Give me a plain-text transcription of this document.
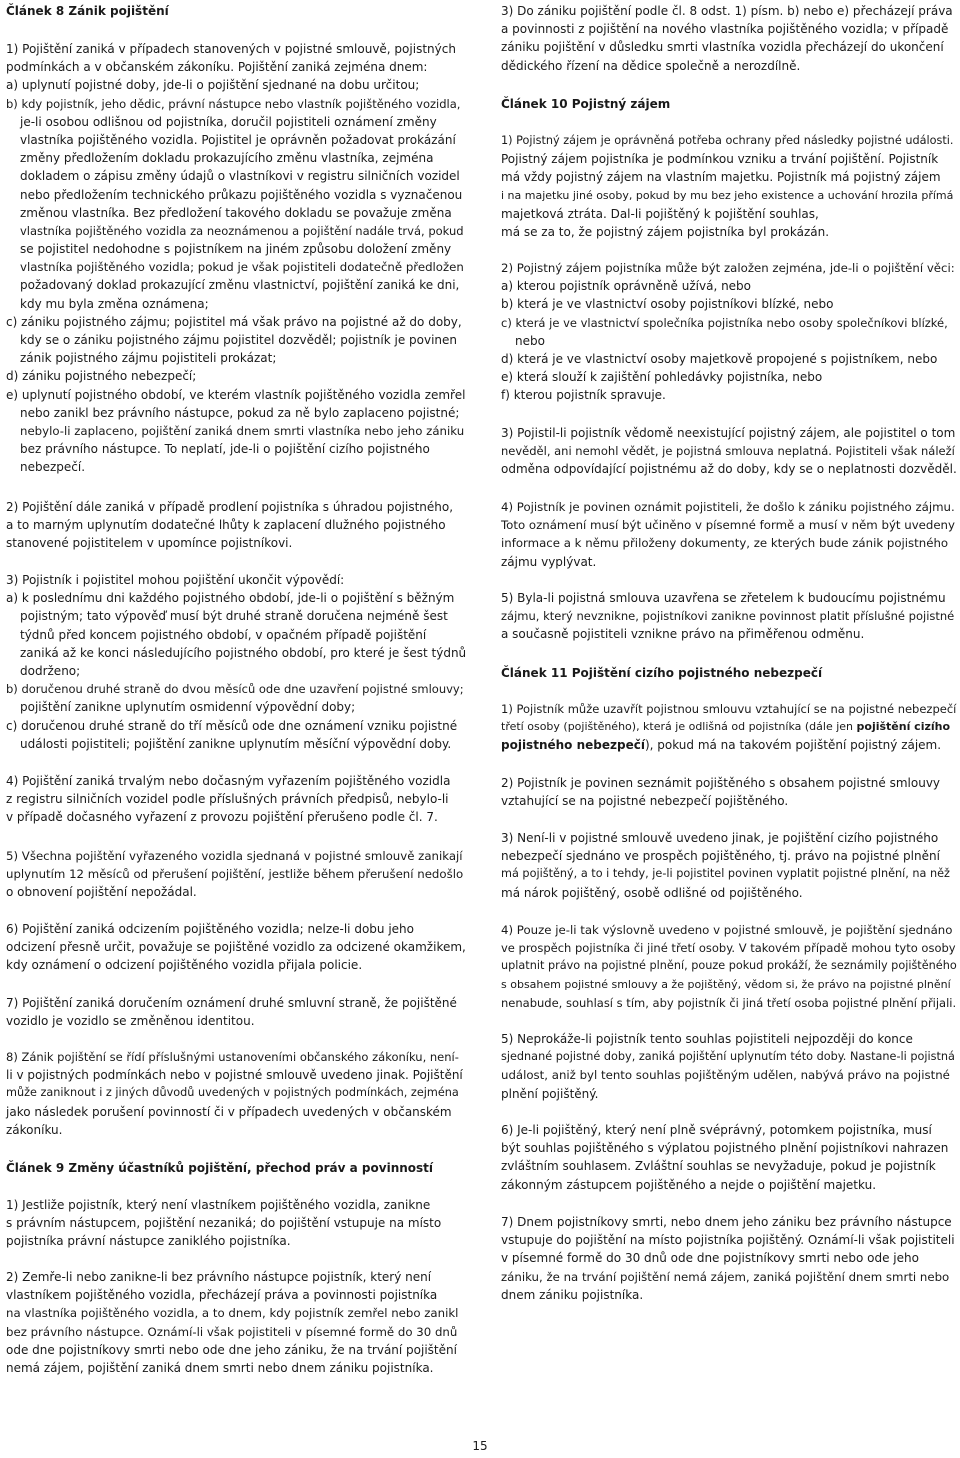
Článek 8 Zánik pojištění

1) Pojištění zaniká v případech stanovených v pojistné smlouvě, pojistných
podmínkách a v občanském zákoníku. Pojištění zaniká zejména dnem:
a) uplynutí pojistné doby, jde-li o pojištění sjednané na dobu určitou;
b) kdy pojistník, jeho dědic, právní nástupce nebo vlastník pojištěného vozidla,
je-li osobou odlišnou od pojistníka, doručil pojistiteli oznámení změny
vlastníka pojištěného vozidla. Pojistitel je oprávněn požadovat prokázání
změny předložením dokladu prokazujícího změnu vlastníka, zejména
dokladem o zápisu změny údajů o vlastníkovi v registru silničních vozidel
nebo předložením technického průkazu pojištěného vozidla s vyznačenou
změnou vlastníka. Bez předložení takového dokladu se považuje změna
vlastníka pojištěného vozidla za neoznámenou a pojištění nadále trvá, pokud
se pojistitel nedohodne s pojistníkem na jiném způsobu doložení změny
vlastníka pojištěného vozidla; pokud je však pojistiteli dodatečně předložen
požadovaný doklad prokazující změnu vlastnictví, pojištění zaniká ke dni,
kdy mu byla změna oznámena;
c) zániku pojistného zájmu; pojistitel má však právo na pojistné až do doby,
kdy se o zániku pojistného zájmu pojistitel dozvěděl; pojistník je povinen
zánik pojistného zájmu pojistiteli prokázat;
d) zániku pojistného nebezpečí;
e) uplynutí pojistného období, ve kterém vlastník pojištěného vozidla zemřel
nebo zanikl bez právního nástupce, pokud za ně bylo zaplaceno pojistné;
nebylo-li zaplaceno, pojištění zaniká dnem smrti vlastníka nebo jeho zániku
bez právního nástupce. To neplatí, jde-li o pojištění cizího pojistného
nebezpečí.

2) Pojištění dále zaniká v případě prodlení pojistníka s úhradou pojistného,
a to marným uplynutím dodatečné lhůty k zaplacení dlužného pojistného
stanovené pojistitelem v upomínce pojistníkovi.

3) Pojistník i pojistitel mohou pojištění ukončit výpovědí:
a) k poslednímu dni každého pojistného období, jde-li o pojištění s běžným
pojistným; tato výpověď musí být druhé straně doručena nejméně šest
týdnů před koncem pojistného období, v opačném případě pojištění
zaniká až ke konci následujícího pojistného období, pro které je šest týdnů
dodrženo;
b) doručenou druhé straně do dvou měsíců ode dne uzavření pojistné smlouvy;
pojištění zanikne uplynutím osmidenní výpovědní doby;
c) doručenou druhé straně do tří měsíců ode dne oznámení vzniku pojistné
události pojistiteli; pojištění zanikne uplynutím měsíční výpovědní doby.

4) Pojištění zaniká trvalým nebo dočasným vyřazením pojištěného vozidla
z registru silničních vozidel podle příslušných právních předpisů, nebylo-li
v případě dočasného vyřazení z provozu pojištění přerušeno podle čl. 7.

5) Všechna pojištění vyřazeného vozidla sjednaná v pojistné smlouvě zanikají
uplynutím 12 měsíců od přerušení pojištění, jestliže během přerušení nedošlo
o obnovení pojištění nepožádal.

6) Pojištění zaniká odcizením pojištěného vozidla; nelze-li dobu jeho
odcizení přesně určit, považuje se pojištěné vozidlo za odcizené okamžikem,
kdy oznámení o odcizení pojištěného vozidla přijala policie.

7) Pojištění zaniká doručením oznámení druhé smluvní straně, že pojištěné
vozidlo je vozidlo se změněnou identitou.

8) Zánik pojištění se řídí příslušnými ustanoveními občanského zákoníku, není-
li v pojistných podmínkách nebo v pojistné smlouvě uvedeno jinak. Pojištění
může zaniknout i z jiných důvodů uvedených v pojistných podmínkách, zejména
jako následek porušení povinností či v případech uvedených v občanském
zákoníku.

Článek 9 Změny účastníků pojištění, přechod práv a povinností

1) Jestliže pojistník, který není vlastníkem pojištěného vozidla, zanikne
s právním nástupcem, pojištění nezaniká; do pojištění vstupuje na místo
pojistníka právní nástupce zaniklého pojistníka.

2) Zemře-li nebo zanikne-li bez právního nástupce pojistník, který není
vlastníkem pojištěného vozidla, přecházejí práva a povinnosti pojistníka
na vlastníka pojištěného vozidla, a to dnem, kdy pojistník zemřel nebo zanikl
bez právního nástupce. Oznámí-li však pojistiteli v písemné formě do 30 dnů
ode dne pojistníkovy smrti nebo ode dne jeho zániku, že na trvání pojištění
nemá zájem, pojištění zaniká dnem smrti nebo dnem zániku pojistníka.

3) Do zániku pojištění podle čl. 8 odst. 1) písm. b) nebo e) přecházejí práva
a povinnosti z pojištění na nového vlastníka pojištěného vozidla; v případě
zániku pojištění v důsledku smrti vlastníka vozidla přecházejí do ukončení
dědického řízení na dědice společně a nerozdílně.

Článek 10 Pojistný zájem

1) Pojistný zájem je oprávněná potřeba ochrany před následky pojistné události.
Pojistný zájem pojistníka je podmínkou vzniku a trvání pojištění. Pojistník
má vždy pojistný zájem na vlastním majetku. Pojistník má pojistný zájem
i na majetku jiné osoby, pokud by mu bez jeho existence a uchování hrozila přímá
majetková ztráta. Dal-li pojištěný k pojištění souhlas,
má se za to, že pojistný zájem pojistníka byl prokázán.

2) Pojistný zájem pojistníka může být založen zejména, jde-li o pojištění věci:
a) kterou pojistník oprávněně užívá, nebo
b) která je ve vlastnictví osoby pojistníkovi blízké, nebo
c) která je ve vlastnictví společníka pojistníka nebo osoby společníkovi blízké,
nebo
d) která je ve vlastnictví osoby majetkově propojené s pojistníkem, nebo
e) která slouží k zajištění pohledávky pojistníka, nebo
f) kterou pojistník spravuje.

3) Pojistil-li pojistník vědomě neexistující pojistný zájem, ale pojistitel o tom
nevěděl, ani nemohl vědět, je pojistná smlouva neplatná. Pojistiteli však náleží
odměna odpovídající pojistnému až do doby, kdy se o neplatnosti dozvěděl.

4) Pojistník je povinen oznámit pojistiteli, že došlo k zániku pojistného zájmu.
Toto oznámení musí být učiněno v písemné formě a musí v něm být uvedeny
informace a k němu přiloženy dokumenty, ze kterých bude zánik pojistného
zájmu vyplývat.

5) Byla-li pojistná smlouva uzavřena se zřetelem k budoucímu pojistnému
zájmu, který nevznikne, pojistníkovi zanikne povinnost platit příslušné pojistné
a současně pojistiteli vznikne právo na přiměřenou odměnu.

Článek 11 Pojištění cizího pojistného nebezpečí

1) Pojistník může uzavřít pojistnou smlouvu vztahující se na pojistné nebezpečí
třetí osoby (pojištěného), která je odlišná od pojistníka (dále jen pojištění cizího
pojistného nebezpečí), pokud má na takovém pojištění pojistný zájem.

2) Pojistník je povinen seznámit pojištěného s obsahem pojistné smlouvy
vztahující se na pojistné nebezpečí pojištěného.

3) Není-li v pojistné smlouvě uvedeno jinak, je pojištění cizího pojistného
nebezpečí sjednáno ve prospěch pojištěného, tj. právo na pojistné plnění
má pojištěný, a to i tehdy, je-li pojistitel povinen vyplatit pojistné plnění, na něž
má nárok pojištěný, osobě odlišné od pojištěného.

4) Pouze je-li tak výslovně uvedeno v pojistné smlouvě, je pojištění sjednáno
ve prospěch pojistníka či jiné třetí osoby. V takovém případě mohou tyto osoby
uplatnit právo na pojistné plnění, pouze pokud prokáží, že seznámily pojištěného
s obsahem pojistné smlouvy a že pojištěný, vědom si, že právo na pojistné plnění
nenabude, souhlasí s tím, aby pojistník či jiná třetí osoba pojistné plnění přijali.

5) Neprokáže-li pojistník tento souhlas pojistiteli nejpozději do konce
sjednané pojistné doby, zaniká pojištění uplynutím této doby. Nastane-li pojistná
událost, aniž byl tento souhlas pojištěným udělen, nabývá právo na pojistné
plnění pojištěný.

6) Je-li pojištěný, který není plně svéprávný, potomkem pojistníka, musí
být souhlas pojištěného s výplatou pojistného plnění pojistníkovi nahrazen
zvláštním souhlasem. Zvláštní souhlas se nevyžaduje, pokud je pojistník
zákonným zástupcem pojištěného a nejde o pojištění majetku.

7) Dnem pojistníkovy smrti, nebo dnem jeho zániku bez právního nástupce
vstupuje do pojištění na místo pojistníka pojištěný. Oznámí-li však pojistiteli
v písemné formě do 30 dnů ode dne pojistníkovy smrti nebo ode jeho
zániku, že na trvání pojištění nemá zájem, zaniká pojištění dnem smrti nebo
dnem zániku pojistníka.

15
